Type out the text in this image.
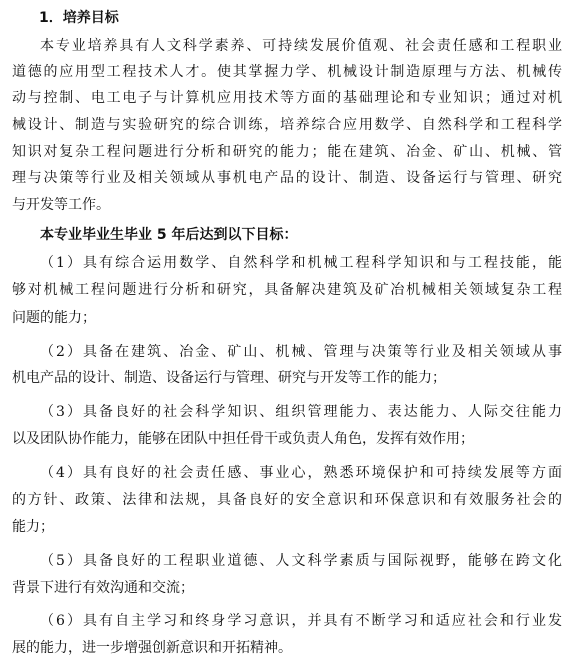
1．培养目标
本专业培养具有人文科学素养、可持续发展价值观、社会责任感和工程职业
道德的应用型工程技术人才。使其掌握力学、机械设计制造原理与方法、机械传
动与控制、电工电子与计算机应用技术等方面的基础理论和专业知识；通过对机
械设计、制造与实验研究的综合训练，培养综合应用数学、自然科学和工程科学
知识对复杂工程问题进行分析和研究的能力；能在建筑、冶金、矿山、机械、管
理与决策等行业及相关领域从事机电产品的设计、制造、设备运行与管理、研究
与开发等工作。
本专业毕业生毕业 5 年后达到以下目标：
（1）具有综合运用数学、自然科学和机械工程科学知识和与工程技能，能
够对机械工程问题进行分析和研究，具备解决建筑及矿冶机械相关领域复杂工程
问题的能力；
（2）具备在建筑、冶金、矿山、机械、管理与决策等行业及相关领域从事
机电产品的设计、制造、设备运行与管理、研究与开发等工作的能力；
（3）具备良好的社会科学知识、组织管理能力、表达能力、人际交往能力
以及团队协作能力，能够在团队中担任骨干或负责人角色，发挥有效作用；
（4）具有良好的社会责任感、事业心，熟悉环境保护和可持续发展等方面
的方针、政策、法律和法规，具备良好的安全意识和环保意识和有效服务社会的
能力；
（5）具备良好的工程职业道德、人文科学素质与国际视野，能够在跨文化
背景下进行有效沟通和交流；
（6）具有自主学习和终身学习意识，并具有不断学习和适应社会和行业发
展的能力，进一步增强创新意识和开拓精神。
